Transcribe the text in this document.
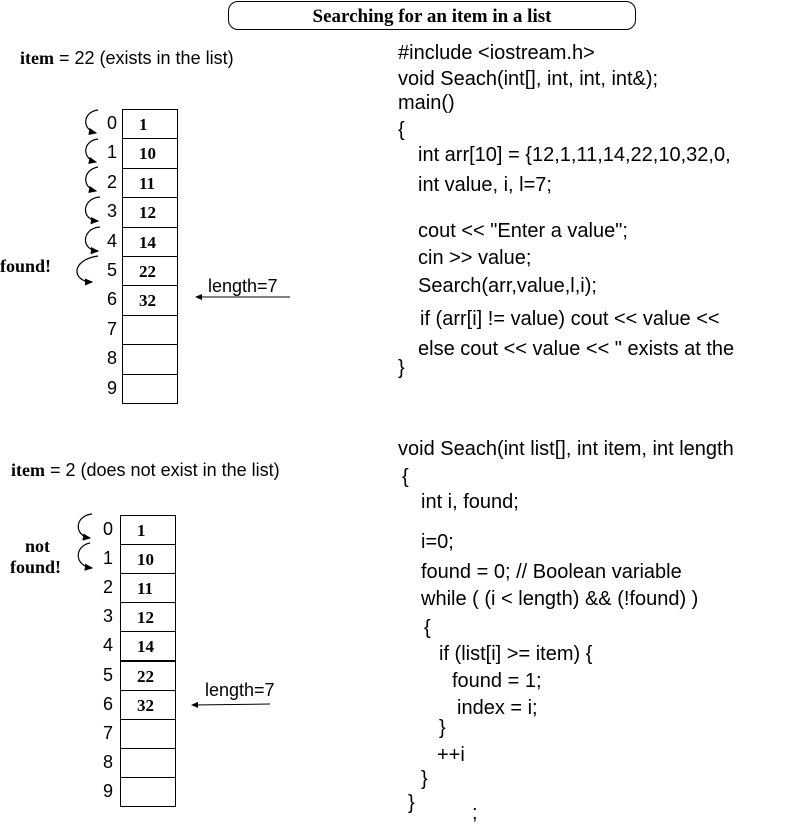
Searching for an item in a list
item = 22 (exists in the list)
0	1
1	10
2	11
3	12
4	14
5	22
6	32
7
8
9
found!
length=7
item = 2 (does not exist in the list)
0	1
1	10
2	11
3	12
4	14
5	22
6	32
7
8
9
not
found!
length=7
#include <iostream.h>
void Seach(int[], int, int, int&);
main()
{
int arr[10] = {12,1,11,14,22,10,32,0,
int value, i, l=7;
cout << "Enter a value";
cin >> value;
Search(arr,value,l,i);
if (arr[i] != value) cout << value <<
else cout << value << " exists at the
}
void Seach(int list[], int item, int length
{
int i, found;
i=0;
found = 0; // Boolean variable
while ( (i < length) && (!found) )
{
if (list[i] >= item) {
found = 1;
index = i;
}
++i
}
}	;
